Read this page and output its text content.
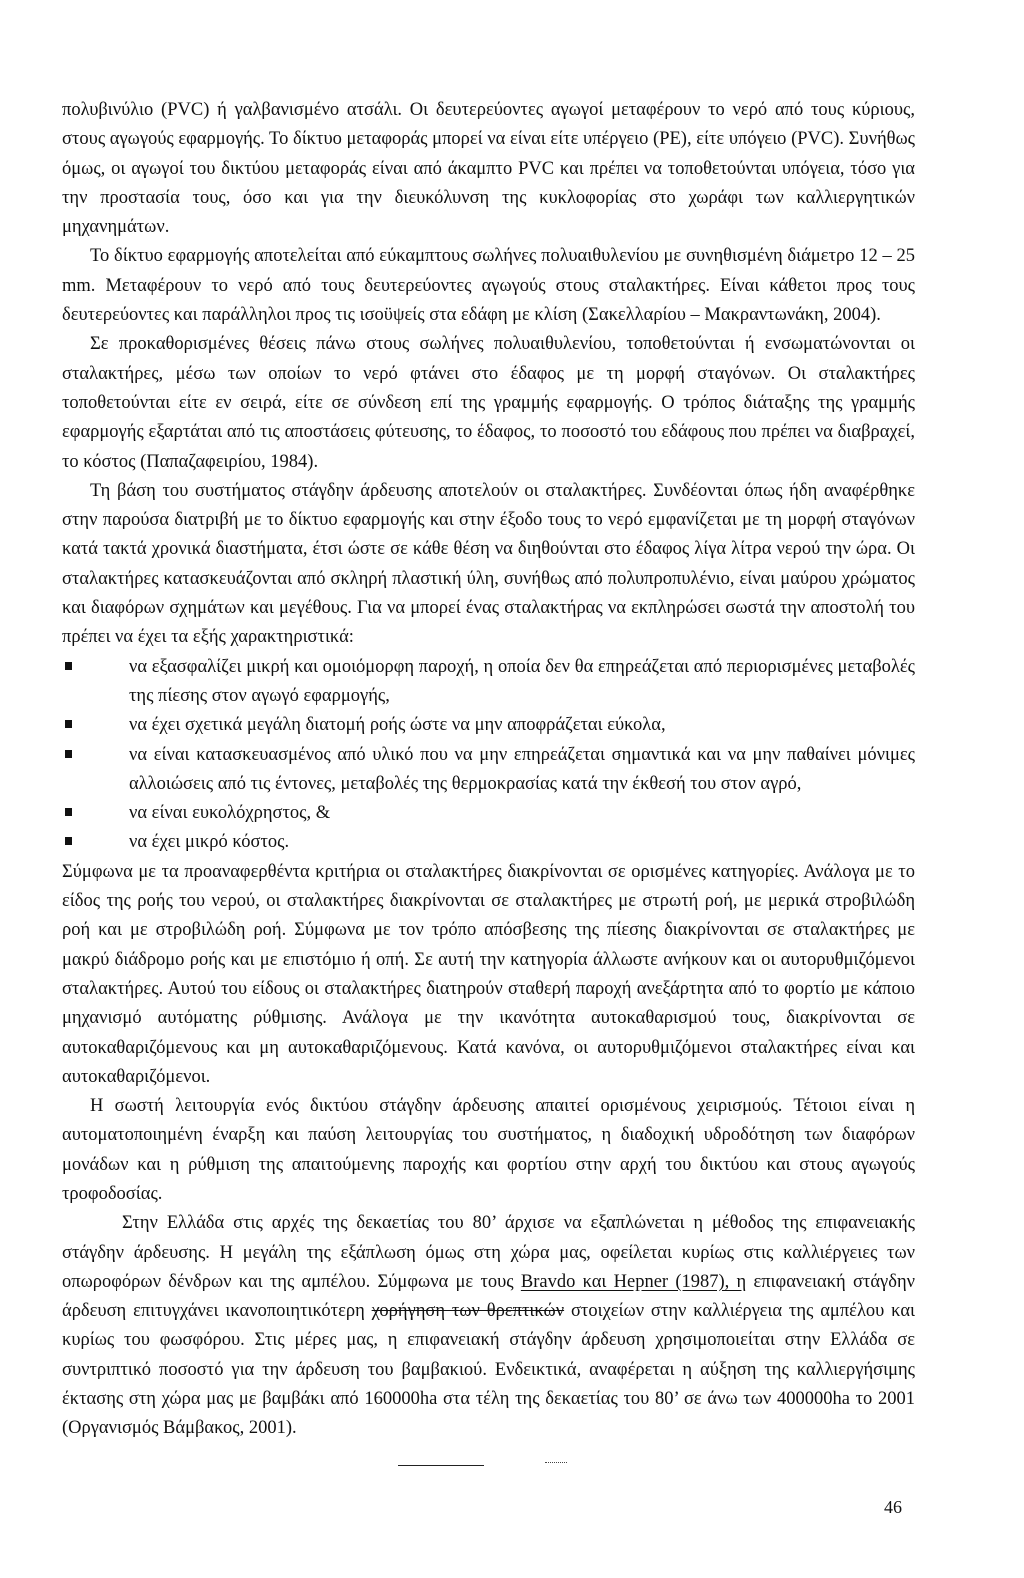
πολυβινύλιο (PVC) ή γαλβανισμένο ατσάλι. Οι δευτερεύοντες αγωγοί μεταφέρουν το νερό από τους κύριους, στους αγωγούς εφαρμογής. Το δίκτυο μεταφοράς μπορεί να είναι είτε υπέργειο (PE), είτε υπόγειο (PVC). Συνήθως όμως, οι αγωγοί του δικτύου μεταφοράς είναι από άκαμπτο PVC και πρέπει να τοποθετούνται υπόγεια, τόσο για την προστασία τους, όσο και για την διευκόλυνση της κυκλοφορίας στο χωράφι των καλλιεργητικών μηχανημάτων.

Το δίκτυο εφαρμογής αποτελείται από εύκαμπτους σωλήνες πολυαιθυλενίου με συνηθισμένη διάμετρο 12 – 25 mm. Μεταφέρουν το νερό από τους δευτερεύοντες αγωγούς στους σταλακτήρες. Είναι κάθετοι προς τους δευτερεύοντες και παράλληλοι προς τις ισοϋψείς στα εδάφη με κλίση (Σακελλαρίου – Μακραντωνάκη, 2004).

Σε προκαθορισμένες θέσεις πάνω στους σωλήνες πολυαιθυλενίου, τοποθετούνται ή ενσωματώνονται οι σταλακτήρες, μέσω των οποίων το νερό φτάνει στο έδαφος με τη μορφή σταγόνων. Οι σταλακτήρες τοποθετούνται είτε εν σειρά, είτε σε σύνδεση επί της γραμμής εφαρμογής. Ο τρόπος διάταξης της γραμμής εφαρμογής εξαρτάται από τις αποστάσεις φύτευσης, το έδαφος, το ποσοστό του εδάφους που πρέπει να διαβραχεί, το κόστος (Παπαζαφειρίου, 1984).

Τη βάση του συστήματος στάγδην άρδευσης αποτελούν οι σταλακτήρες. Συνδέονται όπως ήδη αναφέρθηκε στην παρούσα διατριβή με το δίκτυο εφαρμογής και στην έξοδο τους το νερό εμφανίζεται με τη μορφή σταγόνων κατά τακτά χρονικά διαστήματα, έτσι ώστε σε κάθε θέση να διηθούνται στο έδαφος λίγα λίτρα νερού την ώρα. Οι σταλακτήρες κατασκευάζονται από σκληρή πλαστική ύλη, συνήθως από πολυπροπυλένιο, είναι μαύρου χρώματος και διαφόρων σχημάτων και μεγέθους. Για να μπορεί ένας σταλακτήρας να εκπληρώσει σωστά την αποστολή του πρέπει να έχει τα εξής χαρακτηριστικά:

να εξασφαλίζει μικρή και ομοιόμορφη παροχή, η οποία δεν θα επηρεάζεται από περιορισμένες μεταβολές της πίεσης στον αγωγό εφαρμογής,
να έχει σχετικά μεγάλη διατομή ροής ώστε να μην αποφράζεται εύκολα,
να είναι κατασκευασμένος από υλικό που να μην επηρεάζεται σημαντικά και να μην παθαίνει μόνιμες αλλοιώσεις από τις έντονες, μεταβολές της θερμοκρασίας κατά την έκθεσή του στον αγρό,
να είναι ευκολόχρηστος, &
να έχει μικρό κόστος.

Σύμφωνα με τα προαναφερθέντα κριτήρια οι σταλακτήρες διακρίνονται σε ορισμένες κατηγορίες. Ανάλογα με το είδος της ροής του νερού, οι σταλακτήρες διακρίνονται σε σταλακτήρες με στρωτή ροή, με μερικά στροβιλώδη ροή και με στροβιλώδη ροή. Σύμφωνα με τον τρόπο απόσβεσης της πίεσης διακρίνονται σε σταλακτήρες με μακρύ διάδρομο ροής και με επιστόμιο ή οπή. Σε αυτή την κατηγορία άλλωστε ανήκουν και οι αυτορυθμιζόμενοι σταλακτήρες. Αυτού του είδους οι σταλακτήρες διατηρούν σταθερή παροχή ανεξάρτητα από το φορτίο με κάποιο μηχανισμό αυτόματης ρύθμισης. Ανάλογα με την ικανότητα αυτοκαθαρισμού τους, διακρίνονται σε αυτοκαθαριζόμενους και μη αυτοκαθαριζόμενους. Κατά κανόνα, οι αυτορυθμιζόμενοι σταλακτήρες είναι και αυτοκαθαριζόμενοι.

Η σωστή λειτουργία ενός δικτύου στάγδην άρδευσης απαιτεί ορισμένους χειρισμούς. Τέτοιοι είναι η αυτοματοποιημένη έναρξη και παύση λειτουργίας του συστήματος, η διαδοχική υδροδότηση των διαφόρων μονάδων και η ρύθμιση της απαιτούμενης παροχής και φορτίου στην αρχή του δικτύου και στους αγωγούς τροφοδοσίας.

Στην Ελλάδα στις αρχές της δεκαετίας του 80’ άρχισε να εξαπλώνεται η μέθοδος της επιφανειακής στάγδην άρδευσης. Η μεγάλη της εξάπλωση όμως στη χώρα μας, οφείλεται κυρίως στις καλλιέργειες των οπωροφόρων δένδρων και της αμπέλου. Σύμφωνα με τους Bravdo και Hepner (1987), η επιφανειακή στάγδην άρδευση επιτυγχάνει ικανοποιητικότερη χορήγηση των θρεπτικών στοιχείων στην καλλιέργεια της αμπέλου και κυρίως του φωσφόρου. Στις μέρες μας, η επιφανειακή στάγδην άρδευση χρησιμοποιείται στην Ελλάδα σε συντριπτικό ποσοστό για την άρδευση του βαμβακιού. Ενδεικτικά, αναφέρεται η αύξηση της καλλιεργήσιμης έκτασης στη χώρα μας με βαμβάκι από 160000ha στα τέλη της δεκαετίας του 80’ σε άνω των 400000ha το 2001 (Οργανισμός Βάμβακος, 2001).

46
